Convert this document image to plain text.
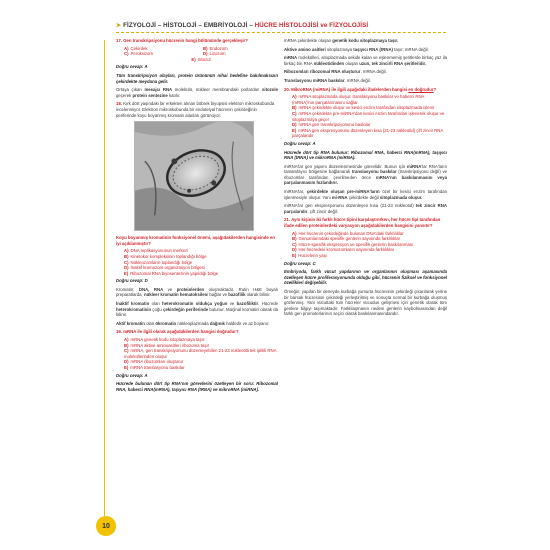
➤ FİZYOLOJİ – HİSTOLOJİ – EMBRİYOLOJİ – HÜCRE HİSTOLOJİSİ ve FİZYOLOJİSİ
10
17. Gen transkripsiyonu hücrenin hangi bölümünde gerçekleşir?
A) Çekirdek	B) Endozom
C) Peroksizom	D) Lizozom
E) Sitozol
Doğru cevap: A
Tüm transkripsiyon olayları, protein ürününün nihai hedefine bakılmaksızın çekirdekte meydana gelir.
Ortaya çıkan mesajcı RNA molekülü, nükleer membrandaki porlardan sitozole geçerek protein sentezine katılır.
18. Kırk dört yaşındaki bir erkekten alınan böbrek biyopsisi elektron mikroskobunda incelenmiyor. Elektron mikroskobunda bir endotelyal hücrenin çekirdeğinin periferinde koyu boyanmış kromatin alanları görünüyor.
Koyu boyanmış kromatinin fonksiyonel önemi, aşağıdakilerden hangisinde en iyi açıklanmıştır?
A) DNA replikasyonunun merkezi
B) Kinetokor kompleksinin toplandığı bölge
C) Nükleozomların toplandığı bölge
D) İnaktif kromozom organizasyon bölgesi
E) Ribozomal RNA biyosentezinin yapıldığı bölge
Doğru cevap: D
Kromatin; DNA, RNA ve proteinlerden oluşmaktadır. Rutin H&E boyalı preparatlarda, nükleer kromatin hematoksileni bağlar ve bazofilik olarak bilinir.
İnaktif kromatin olan heterokromatin oldukça yoğun ve bazofiliktir. Hücrede heterokromatinin çoğu çekirdeğin periferinde bulunur. Marjinal kromatin olarak da bilinir.
Aktif kromatin olan ökromatin nükleoplazmada dağınık haldedir ve az boyanır.
19. mRNA ile ilgili olarak aşağıdakilerden hangisi doğrudur?
A) mRNA genetik kodu sitoplazmaya taşır
B) mRNA aktive aminoasitleri ribozoma taşır
C) mRNA, gen transkripsiyonunu düzenleyebilen 21-23 nükleotitli tek iplikli RNA moleküllerinden oluşur
D) mRNA ribozomları oluşturur
E) mRNA translasyonu baskılar
Doğru cevap: A
Hücrede bulunan dört tip RNA'nın görevlerini özetleyen bir soru: Ribozomal RNA, haberci RNA(mRNA), taşıyıcı RNA (tRNA) ve mikroRNA (miRNA).
mRNA çekirdekte oluşan genetik kodu sitoplazmaya taşır.
Aktive amino asitleri sitoplazmaya taşıyıcı RNA (tRNA) taşır; mRNA değil.
mRNA molekülleri, sitoplazmada sekide kalan ve eşlenmemiş şeritlerde birkaç yüz ila birkaç bin RNA nükleotidinden oluşan uzun, tek zincirli RNA şeritleridir.
Ribozomları ribozomal RNA oluşturur, mRNA değil.
Translasyonu miRNA baskılar, mRNA değil.
20. MikroRNA (miRNA) ile ilgili aşağıdaki ifadelerden hangisi en doğrudur?
A) mRNA sitoplazmada oluşur, translasyonu baskılar ve haberci RNA (mRNA)'nın parçalanmasını sağlar
B) mRNA çekirdekte oluşur ve kesici enzim tarafından sitoplazmada işlenir
C) mRNA çekirdekte pre-miRNA'dan kesici enzim tarafından işlenerek oluşur ve sitoplazmaya geçer
D) mRNA gen transkripsiyonunu baskılar
E) mRNA gen ekspresyonunu düzenleyen kısa (21-23 nükleotid) çift zincir RNA parçalarıdır
Doğru cevap: A
Hücrede dört tip RNA bulunur: Ribozomal RNA, haberci RNA(mRNA), taşıyıcı RNA (tRNA) ve mikroRNA (miRNA).
miRNA'lar gen yapımı düzenlenmesinde görevlidir. Bunun için miRNA'lar RNA'ların tamamlayıcı bölgesine bağlanarak translasyonu baskılar (transkripsiyonu değil) ve ribozomlar tarafından çevrilmeden önce mRNA'nın baskılanmasını veya parçalanmasını hızlandırır.
miRNA'lar, çekirdekte oluşan pre-miRNA'ların özel bir kesici enzim tarafından işlenmesiyle oluşur. Yani mi-RNA çekirdekte değil sitoplazmada oluşur.
miRNA'lar gen ekspresyonunu düzenleyen kısa (21-23 nükleotid) tek zincir RNA parçalarıdır, çift zincir değil.
21. Aynı kişinin iki farklı hücre tipini karşılaştırırken, her hücre tipi tarafından ifade edilen proteinlerdeki varyasyon aşağıdakilerden hangisini yansıtır?
A) Her hücrenin çekirdeğinde bulunan DNA'daki farklılıklar
B) Genomlarındaki spesifik genlerin sayısında farklılıklar
C) Hücre-spesifik ekspresyon ve spesifik genlerin baskılanması
D) Her hücredeki kromozomların sayısında farklılıklar
E) Hücrelerin yaşı
Doğru cevap: C
Embriyoda, farklı vücut yapılarının ve organlarının oluşması aşamasında özelleşen hücre proliferasyonunda olduğu gibi, hücrenin fiziksel ve fonksiyonel özellikleri değişebilir.
Örneğin; yapılan bir deneyde kurbağa yumurta hücresinin çekirdeği çıkarılarak yerine bir barsak hücresinin çekirdeği yerleştirilmiş ve sonuçta normal bir kurbağa oluşmuş gözlenmiş. Yani vücuttaki tüm hücreler vücudun gelişmesi için genetik olarak tüm genlere bilgiyi taşımaktadır. Farklılaşmanın nedeni genlerin kaybolmasından değil farklı gen promoterlarının seçici olarak baskılanmasındandır.
